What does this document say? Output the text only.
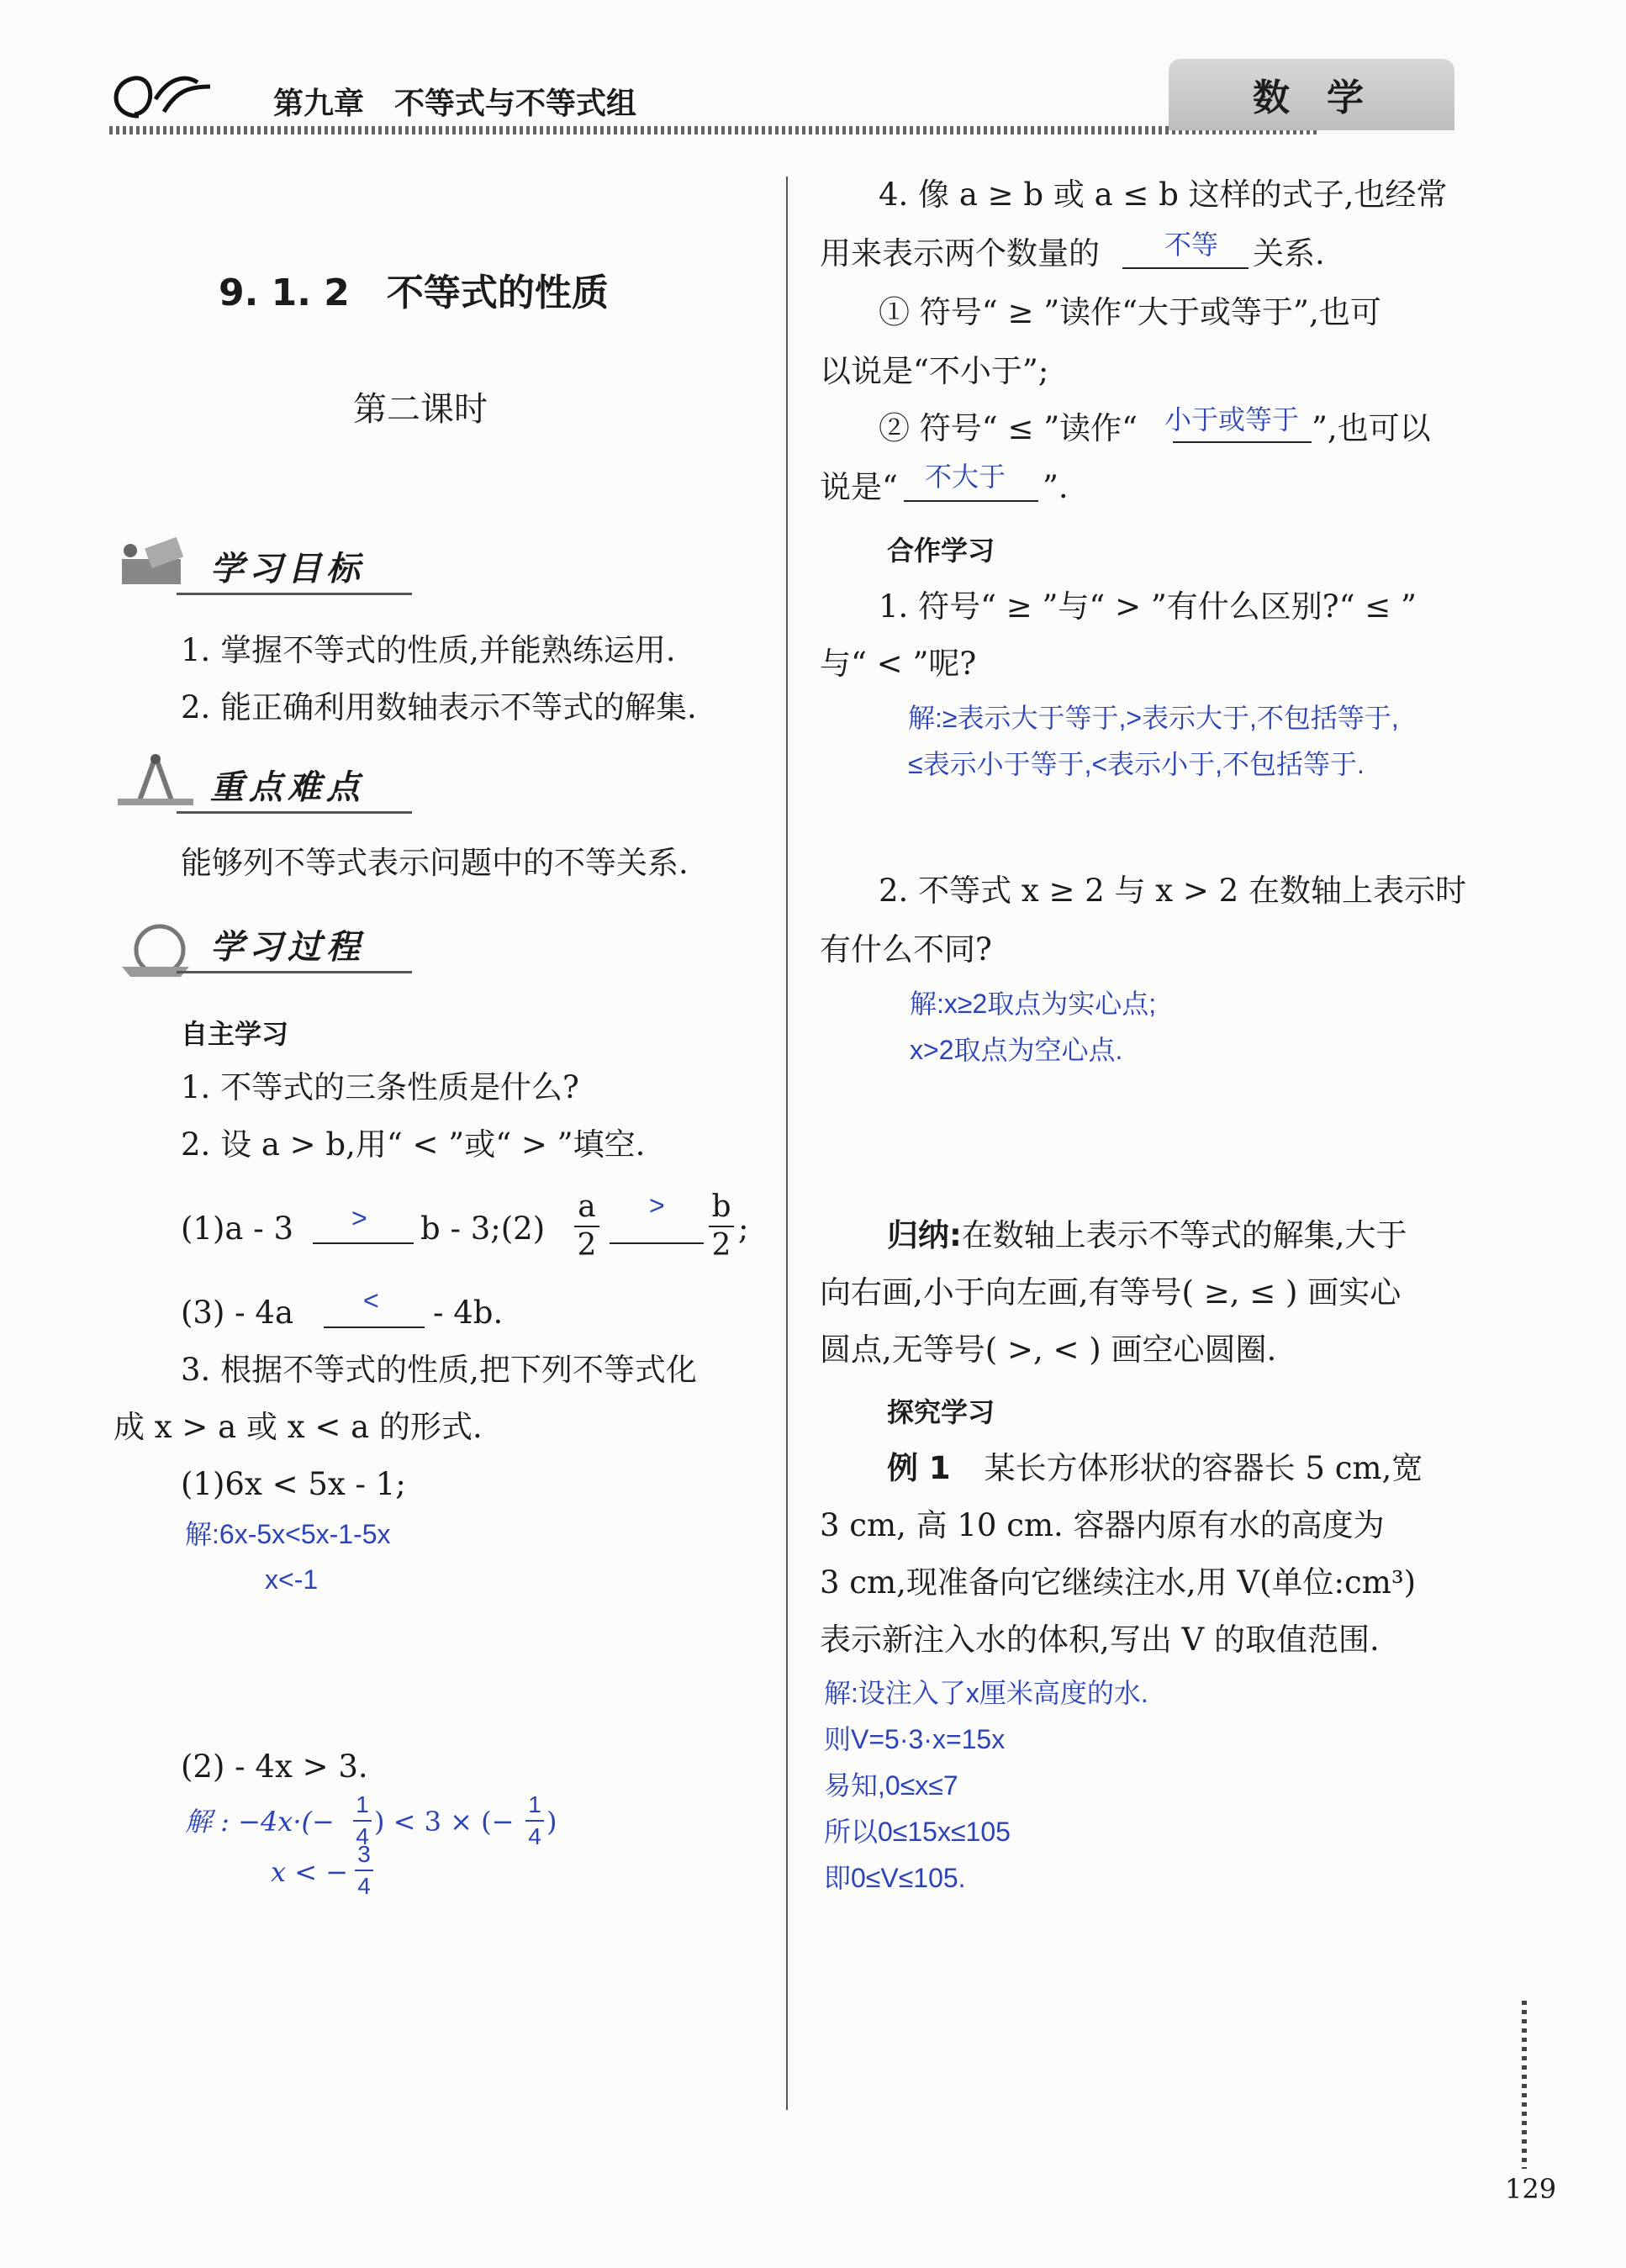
第九章　不等式与不等式组	数　学
9. 1. 2　不等式的性质
第二课时
学习目标
1. 掌握不等式的性质,并能熟练运用.
2. 能正确利用数轴表示不等式的解集.
重点难点
能够列不等式表示问题中的不等关系.
学习过程
自主学习
1. 不等式的三条性质是什么?
2. 设 a > b,用“ < ”或“ > ”填空.
(1)a - 3 > b - 3;(2)
a
2
> b
2 ;
(3) - 4a	< - 4b.
3. 根据不等式的性质,把下列不等式化
成 x > a 或 x < a 的形式.
(1)6x < 5x - 1;
解:6x-5x<5x-1-5x
x<-1
(2) - 4x > 3.
解 : −4x·(−
1
4 ) < 3 × (−
1
4 )
x < −
3
4
4. 像 a ≥ b 或 a ≤ b 这样的式子,也经常
用来表示两个数量的 不等 关系.
① 符号“ ≥ ”读作“大于或等于”,也可
以说是“不小于”;
② 符号“ ≤ ”读作“ 小于或等于 ”,也可以
说是“ 不大于 ”.
合作学习
1. 符号“ ≥ ”与“ > ”有什么区别?“ ≤ ”
与“ < ”呢?
解:≥表示大于等于,>表示大于,不包括等于,
≤表示小于等于,<表示小于,不包括等于.
2. 不等式 x ≥ 2 与 x > 2 在数轴上表示时
有什么不同?
解:x≥2取点为实心点;
x>2取点为空心点.
归纳:在数轴上表示不等式的解集,大于
向右画,小于向左画,有等号( ≥, ≤ ) 画实心
圆点,无等号( >, < ) 画空心圆圈.
探究学习
例 1 某长方体形状的容器长 5 cm,宽
3 cm, 高 10 cm. 容器内原有水的高度为
3 cm,现准备向它继续注水,用 V(单位:cm³)
表示新注入水的体积,写出 V 的取值范围.
解:设注入了x厘米高度的水.
则V=5·3·x=15x
易知,0≤x≤7
所以0≤15x≤105
即0≤V≤105.
129
